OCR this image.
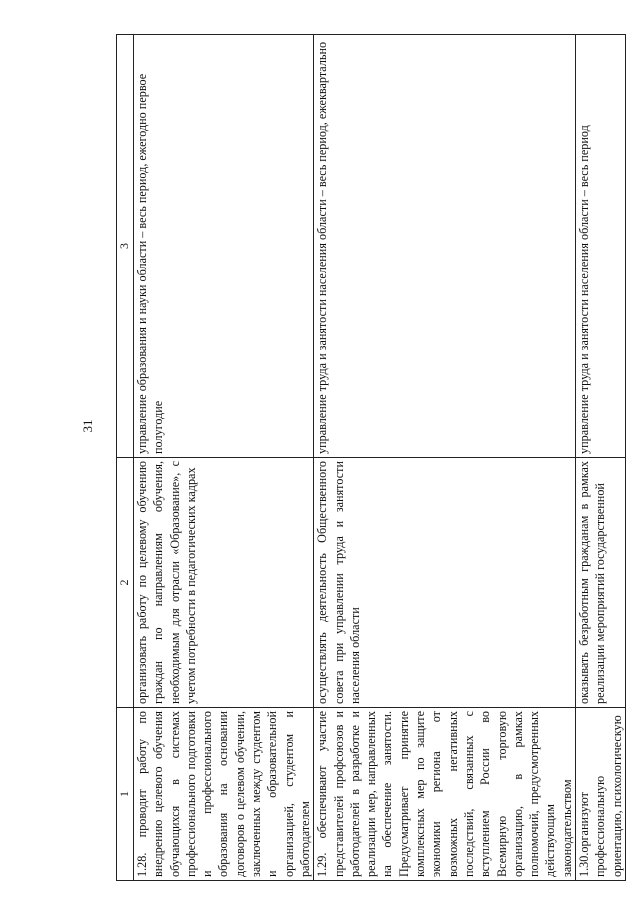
31
1	2	3
1.28. проводит работу по внедрению целевого обучения обучающихся в системах профессионального подготовки и профессионального образования на основании договоров о целевом обучении, заключенных между студентом и образовательной организацией, студентом и работодателем	организовать работу по целевому обучению граждан по направлениям обучения, необходимым для отрасли «Образование», с учетом потребности в педагогических кадрах	управление образования и науки области – весь период, ежегодно первое полугодие
1.29. обеспечивают участие представителей профсоюзов и работодателей в разработке и реализации мер, направленных на обеспечение занятости. Предусматривает принятие комплексных мер по защите экономики региона от возможных негативных последствий, связанных с вступлением России во Всемирную торговую организацию, в рамках полномочий, предусмотренных действующим законодательством	осуществлять деятельность Общественного совета при управлении труда и занятости населения области	управление труда и занятости населения области – весь период, ежеквартально
1.30.организуют профессиональную ориентацию, психологическую	оказывать безработным гражданам в рамках реализации мероприятий государственной	управление труда и занятости населения области – весь период
